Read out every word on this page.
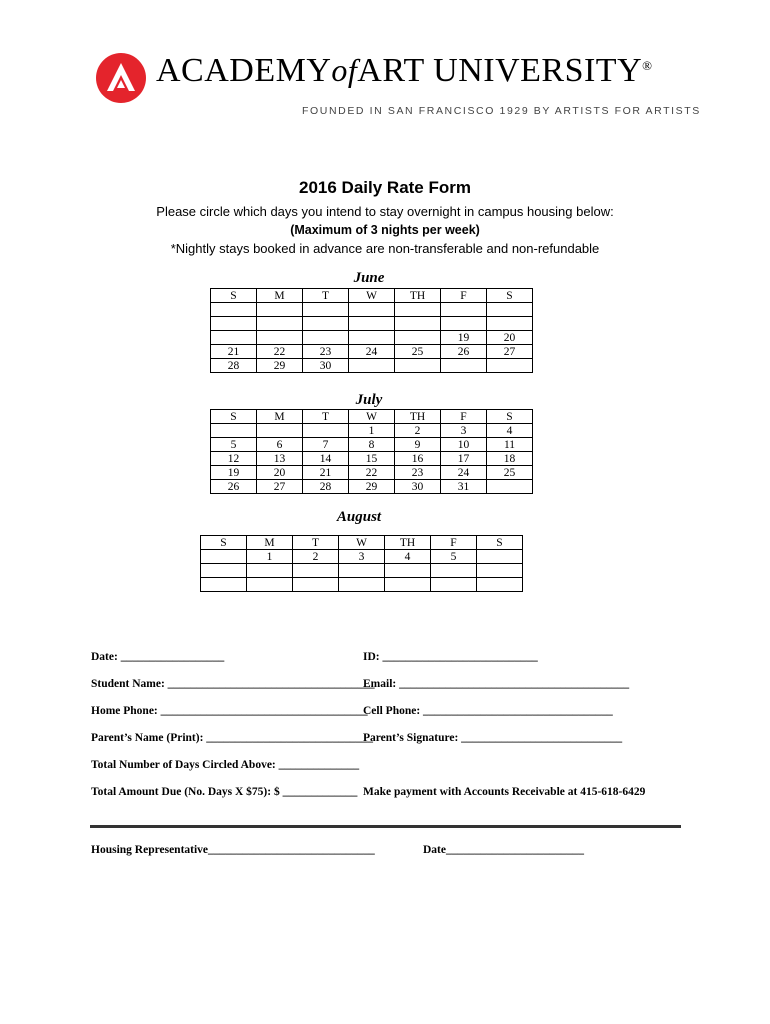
ACADEMYofART UNIVERSITY®
FOUNDED IN SAN FRANCISCO 1929 BY ARTISTS FOR ARTISTS
2016 Daily Rate Form
Please circle which days you intend to stay overnight in campus housing below:
(Maximum of 3 nights per week)
*Nightly stays booked in advance are non-transferable and non-refundable
June
S	M	T	W	TH	F	S

					19	20
21	22	23	24	25	26	27
28	29	30				
July
S	M	T	W	TH	F	S
			1	2	3	4
5	6	7	8	9	10	11
12	13	14	15	16	17	18
19	20	21	22	23	24	25
26	27	28	29	30	31	
August
S	M	T	W	TH	F	S
	1	2	3	4	5	

Date: __________________	ID: ___________________________
Student Name: ____________________________________
Email: ________________________________________
Home Phone: ____________________________________
Cell Phone: _________________________________
Parent’s Name (Print): _____________________________
Parent’s Signature: ____________________________
Total Number of Days Circled Above: ______________
Total Amount Due (No. Days X $75): $ _____________ Make payment with Accounts Receivable at 415-618-6429
Housing Representative_____________________________	Date________________________
